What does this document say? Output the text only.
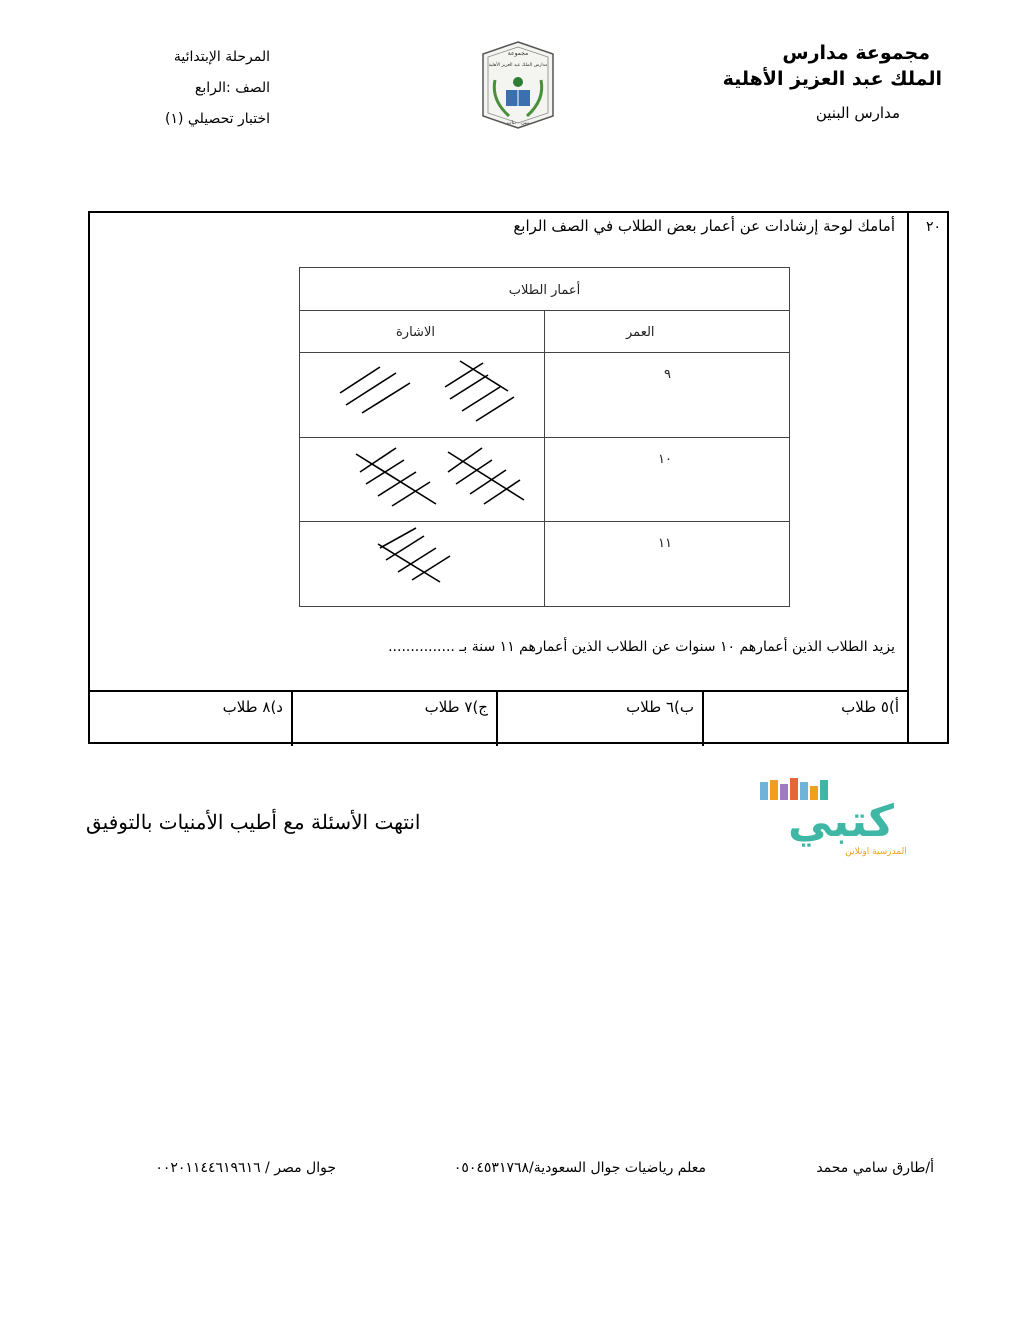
مجموعة مدارس
الملك عبد العزيز الأهلية
مدارس البنين
مجموعة
مدارس الملك عبد العزيز الأهلية
بنين - بنات
المرحلة الإبتدائية
الصف :الرابع
اختبار تحصيلي (١)
٢٠
أمامك لوحة إرشادات عن أعمار بعض الطلاب في الصف الرابع
يزيد الطلاب الذين أعمارهم ١٠ سنوات عن الطلاب الذين أعمارهم ١١ سنة بـ ...............
أ)٥ طلاب
ب)٦ طلاب
ج)٧ طلاب
د)٨ طلاب
أعمار الطلاب
العمر
الاشارة
٩
١٠
١١
انتهت الأسئلة مع أطيب الأمنيات بالتوفيق	كتبي
المدرسية اونلاين
أ/طارق سامي محمد
معلم رياضيات جوال السعودية/٠٥٠٤٥٣١٧٦٨
جوال مصر / ٠٠٢٠١١٤٤٦١٩٦١٦
